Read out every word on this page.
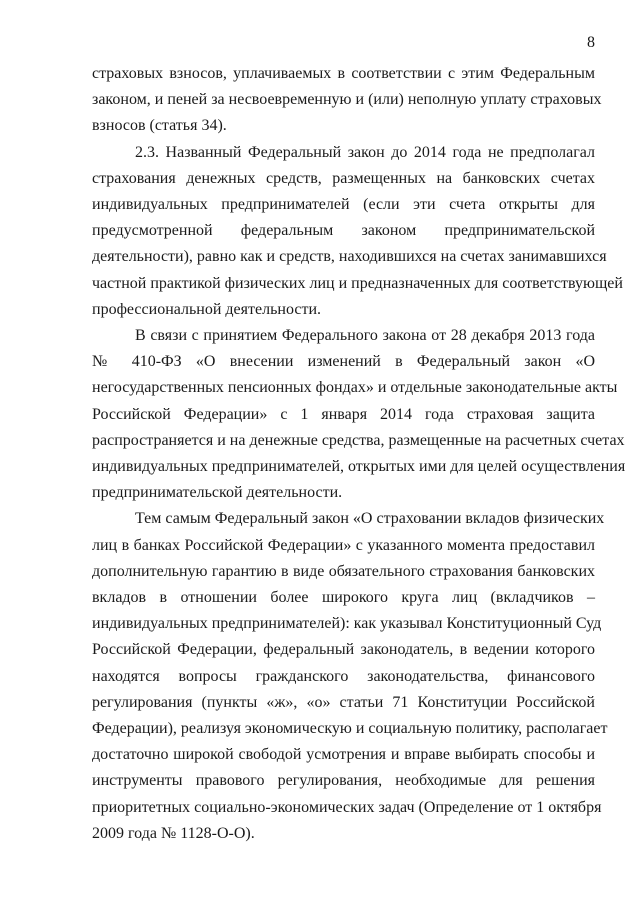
8
страховых взносов, уплачиваемых в соответствии с этим Федеральным
законом, и пеней за несвоевременную и (или) неполную уплату страховых
взносов (статья 34).
2.3. Названный Федеральный закон до 2014 года не предполагал
страхования денежных средств, размещенных на банковских счетах
индивидуальных предпринимателей (если эти счета открыты для
предусмотренной федеральным законом предпринимательской
деятельности), равно как и средств, находившихся на счетах занимавшихся
частной практикой физических лиц и предназначенных для соответствующей
профессиональной деятельности.
В связи с принятием Федерального закона от 28 декабря 2013 года
№ 410-ФЗ «О внесении изменений в Федеральный закон «О
негосударственных пенсионных фондах» и отдельные законодательные акты
Российской Федерации» с 1 января 2014 года страховая защита
распространяется и на денежные средства, размещенные на расчетных счетах
индивидуальных предпринимателей, открытых ими для целей осуществления
предпринимательской деятельности.
Тем самым Федеральный закон «О страховании вкладов физических
лиц в банках Российской Федерации» с указанного момента предоставил
дополнительную гарантию в виде обязательного страхования банковских
вкладов в отношении более широкого круга лиц (вкладчиков –
индивидуальных предпринимателей): как указывал Конституционный Суд
Российской Федерации, федеральный законодатель, в ведении которого
находятся вопросы гражданского законодательства, финансового
регулирования (пункты «ж», «о» статьи 71 Конституции Российской
Федерации), реализуя экономическую и социальную политику, располагает
достаточно широкой свободой усмотрения и вправе выбирать способы и
инструменты правового регулирования, необходимые для решения
приоритетных социально-экономических задач (Определение от 1 октября
2009 года № 1128-О-О).
